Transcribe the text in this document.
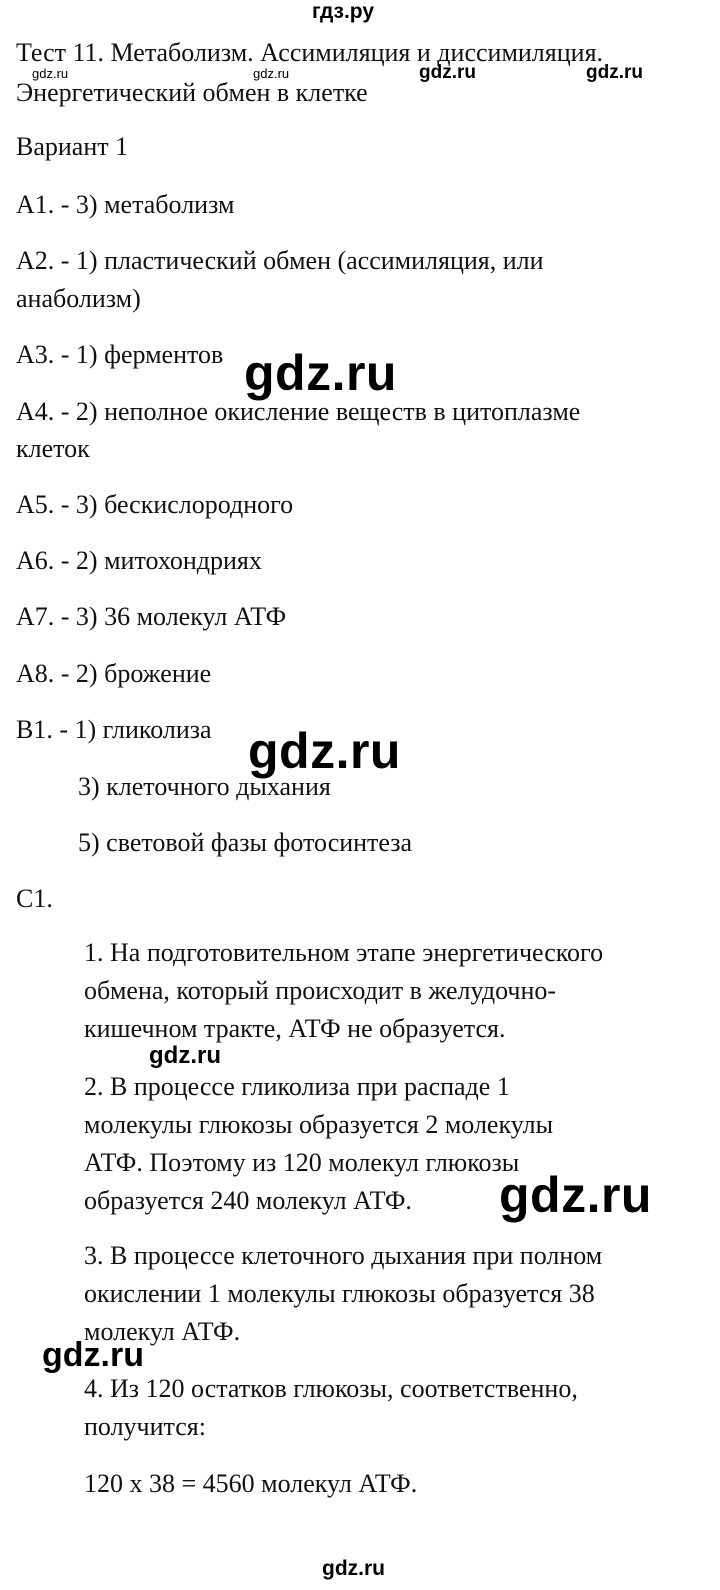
гдз.ру
Тест 11. Метаболизм. Ассимиляция и диссимиляция.
Энергетический обмен в клетке
gdz.ru	gdz.ru	gdz.ru	gdz.ru
Вариант 1
А1. - 3) метаболизм
А2. - 1) пластический обмен (ассимиляция, или
анаболизм)
А3. - 1) ферментов gdz.ru
А4. - 2) неполное окисление веществ в цитоплазме
клеток
А5. - 3) бескислородного
А6. - 2) митохондриях
А7. - 3) 36 молекул АТФ
А8. - 2) брожение
В1. - 1) гликолиза gdz.ru
3) клеточного дыхания
5) световой фазы фотосинтеза
С1.
1. На подготовительном этапе энергетического
обмена, который происходит в желудочно-
кишечном тракте, АТФ не образуется.
gdz.ru
2. В процессе гликолиза при распаде 1
молекулы глюкозы образуется 2 молекулы
АТФ. Поэтому из 120 молекул глюкозы
образуется 240 молекул АТФ. gdz.ru
3. В процессе клеточного дыхания при полном
окислении 1 молекулы глюкозы образуется 38
молекул АТФ.
gdz.ru
4. Из 120 остатков глюкозы, соответственно,
получится:
120 х 38 = 4560 молекул АТФ.
gdz.ru
